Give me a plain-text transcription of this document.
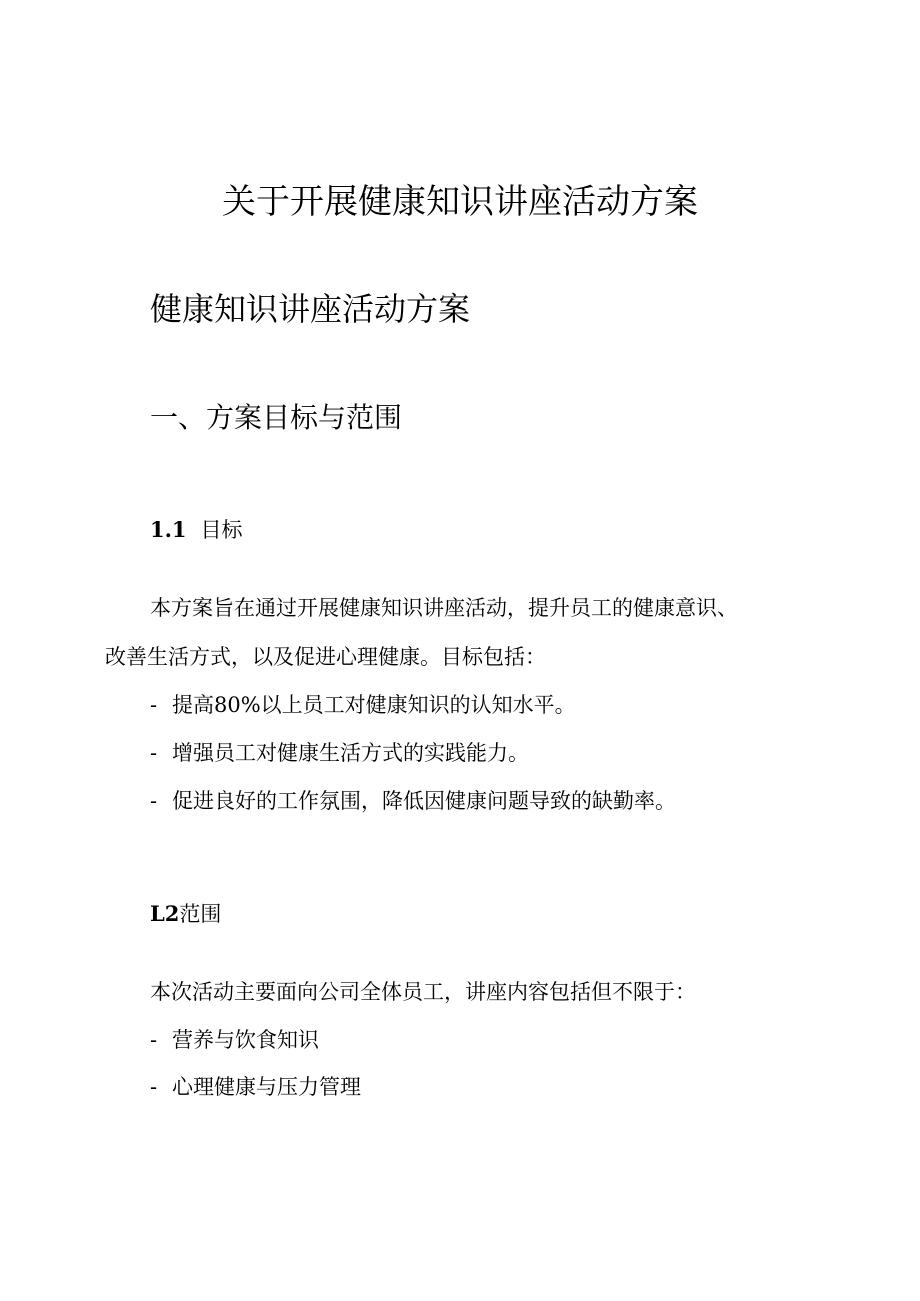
关于开展健康知识讲座活动方案
健康知识讲座活动方案
一、方案目标与范围
1.1 目标
本方案旨在通过开展健康知识讲座活动，提升员工的健康意识、
改善生活方式，以及促进心理健康。目标包括：
- 提高80%以上员工对健康知识的认知水平。
- 增强员工对健康生活方式的实践能力。
- 促进良好的工作氛围，降低因健康问题导致的缺勤率。
L2范围
本次活动主要面向公司全体员工，讲座内容包括但不限于：
- 营养与饮食知识
- 心理健康与压力管理
